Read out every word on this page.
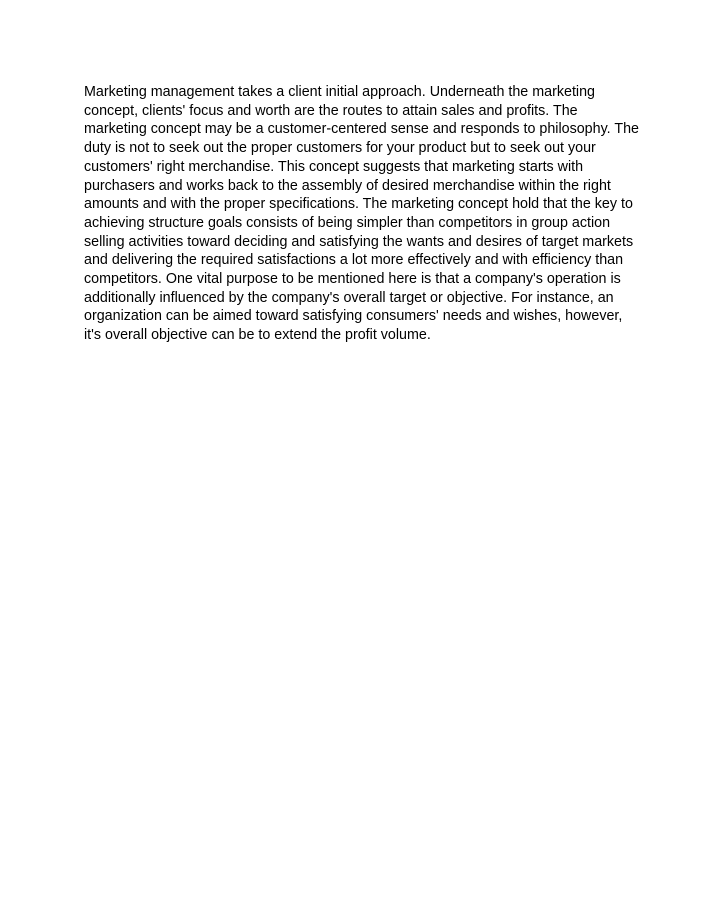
Marketing management takes a client initial approach. Underneath the marketing
concept, clients' focus and worth are the routes to attain sales and profits. The
marketing concept may be a customer-centered sense and responds to philosophy. The
duty is not to seek out the proper customers for your product but to seek out your
customers' right merchandise. This concept suggests that marketing starts with
purchasers and works back to the assembly of desired merchandise within the right
amounts and with the proper specifications. The marketing concept hold that the key to
achieving structure goals consists of being simpler than competitors in group action
selling activities toward deciding and satisfying the wants and desires of target markets
and delivering the required satisfactions a lot more effectively and with efficiency than
competitors. One vital purpose to be mentioned here is that a company's operation is
additionally influenced by the company's overall target or objective. For instance, an
organization can be aimed toward satisfying consumers' needs and wishes, however,
it's overall objective can be to extend the profit volume.
